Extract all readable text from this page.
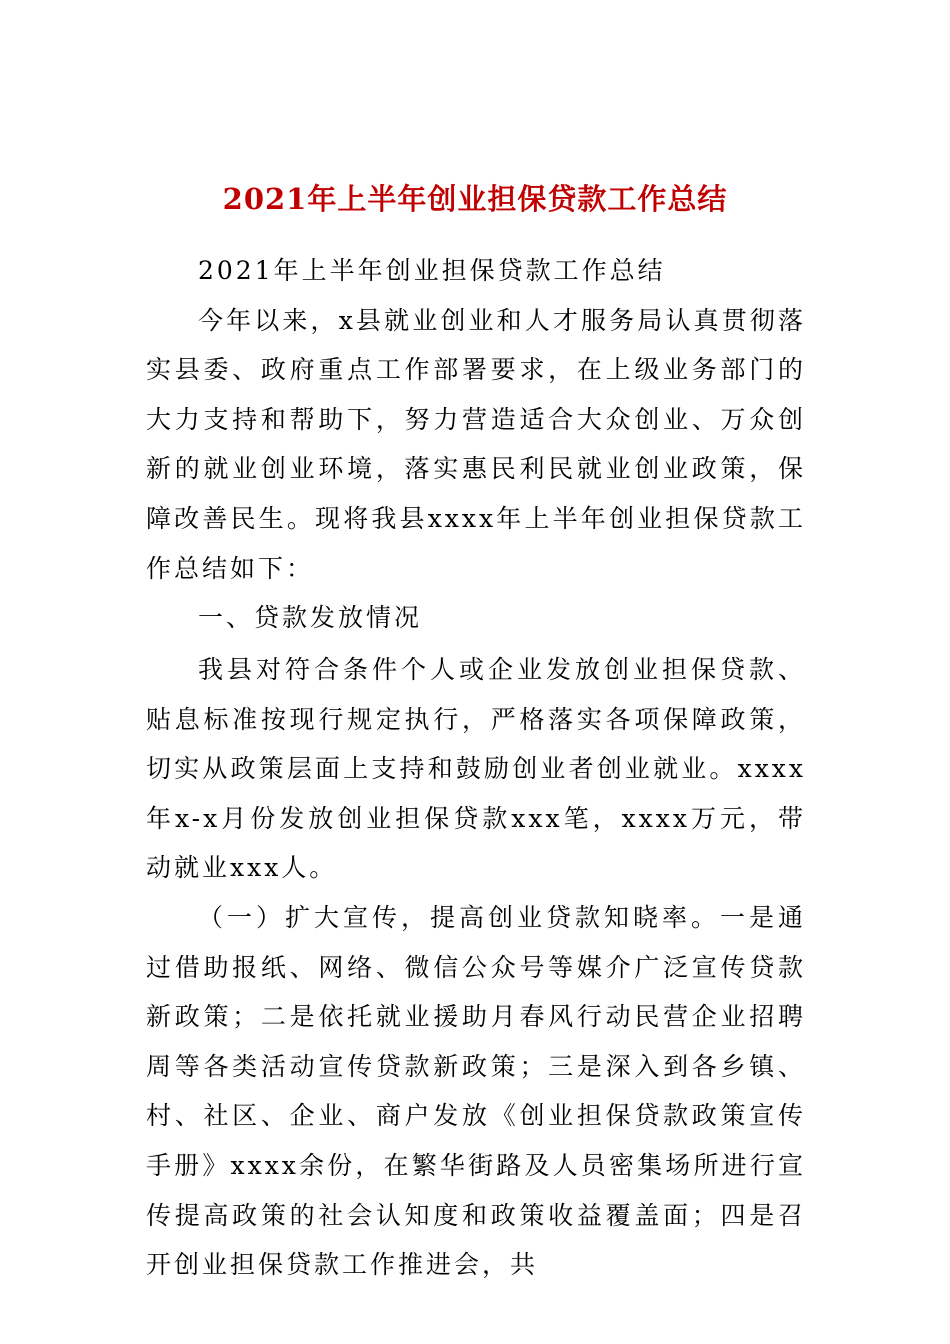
2021年上半年创业担保贷款工作总结

2021年上半年创业担保贷款工作总结

今年以来，x县就业创业和人才服务局认真贯彻落实县委、政府重点工作部署要求，在上级业务部门的大力支持和帮助下，努力营造适合大众创业、万众创新的就业创业环境，落实惠民利民就业创业政策，保障改善民生。现将我县xxxx年上半年创业担保贷款工作总结如下：

一、贷款发放情况

我县对符合条件个人或企业发放创业担保贷款、贴息标准按现行规定执行，严格落实各项保障政策，切实从政策层面上支持和鼓励创业者创业就业。xxxx年x-x月份发放创业担保贷款xxx笔，xxxx万元，带动就业xxx人。

（一）扩大宣传，提高创业贷款知晓率。一是通过借助报纸、网络、微信公众号等媒介广泛宣传贷款新政策；二是依托就业援助月春风行动民营企业招聘周等各类活动宣传贷款新政策；三是深入到各乡镇、村、社区、企业、商户发放《创业担保贷款政策宣传手册》xxxx余份，在繁华街路及人员密集场所进行宣传提高政策的社会认知度和政策收益覆盖面；四是召开创业担保贷款工作推进会，共
